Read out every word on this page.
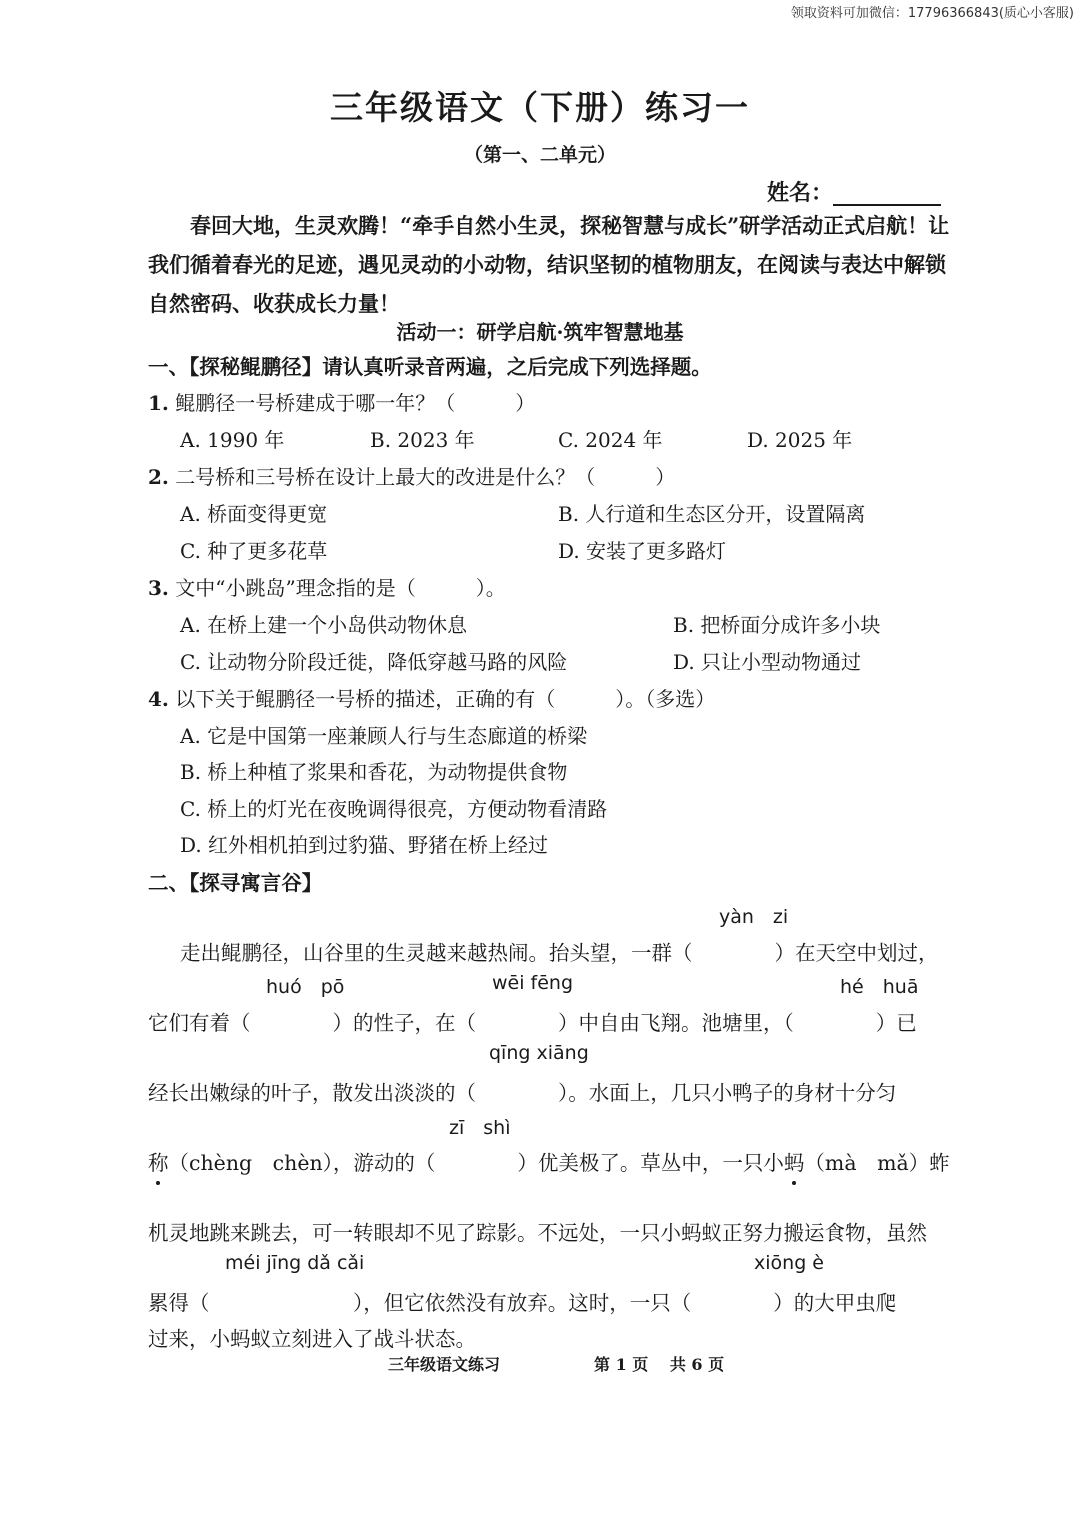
领取资料可加微信：17796366843(质心小客服)
三年级语文（下册）练习一
（第一、二单元）
姓名：
春回大地，生灵欢腾！“牵手自然小生灵，探秘智慧与成长”研学活动正式启航！让我们循着春光的足迹，遇见灵动的小动物，结识坚韧的植物朋友，在阅读与表达中解锁自然密码、收获成长力量！
活动一：研学启航·筑牢智慧地基
一、【探秘鲲鹏径】请认真听录音两遍，之后完成下列选择题。
1. 鲲鹏径一号桥建成于哪一年？（　　　）
A. 1990 年	B. 2023 年	C. 2024 年	D. 2025 年
2. 二号桥和三号桥在设计上最大的改进是什么？（　　　）
A. 桥面变得更宽	B. 人行道和生态区分开，设置隔离
C. 种了更多花草	D. 安装了更多路灯
3. 文中“小跳岛”理念指的是（　　　）。
A. 在桥上建一个小岛供动物休息	B. 把桥面分成许多小块
C. 让动物分阶段迁徙，降低穿越马路的风险	D. 只让小型动物通过
4. 以下关于鲲鹏径一号桥的描述，正确的有（　　　）。（多选）
A. 它是中国第一座兼顾人行与生态廊道的桥梁
B. 桥上种植了浆果和香花，为动物提供食物
C. 桥上的灯光在夜晚调得很亮，方便动物看清路
D. 红外相机拍到过豹猫、野猪在桥上经过
二、【探寻寓言谷】
yàn　zi
走出鲲鹏径，山谷里的生灵越来越热闹。抬头望，一群（　　　　）在天空中划过，
huó　pō	wēi fēng	hé　huā
它们有着（　　　　）的性子，在（　　　　）中自由飞翔。池塘里，（　　　　）已
qīng xiāng
经长出嫩绿的叶子，散发出淡淡的（　　　　）。水面上，几只小鸭子的身材十分匀
zī　shì
称（chèng　chèn），游动的（　　　　）优美极了。草丛中，一只小蚂（mà　mǎ）蚱
机灵地跳来跳去，可一转眼却不见了踪影。不远处，一只小蚂蚁正努力搬运食物，虽然
méi jīng dǎ cǎi	xiōng è
累得（　　　　　　　），但它依然没有放弃。这时，一只（　　　　）的大甲虫爬
过来，小蚂蚁立刻进入了战斗状态。
三年级语文练习	第 1 页　 共 6 页
